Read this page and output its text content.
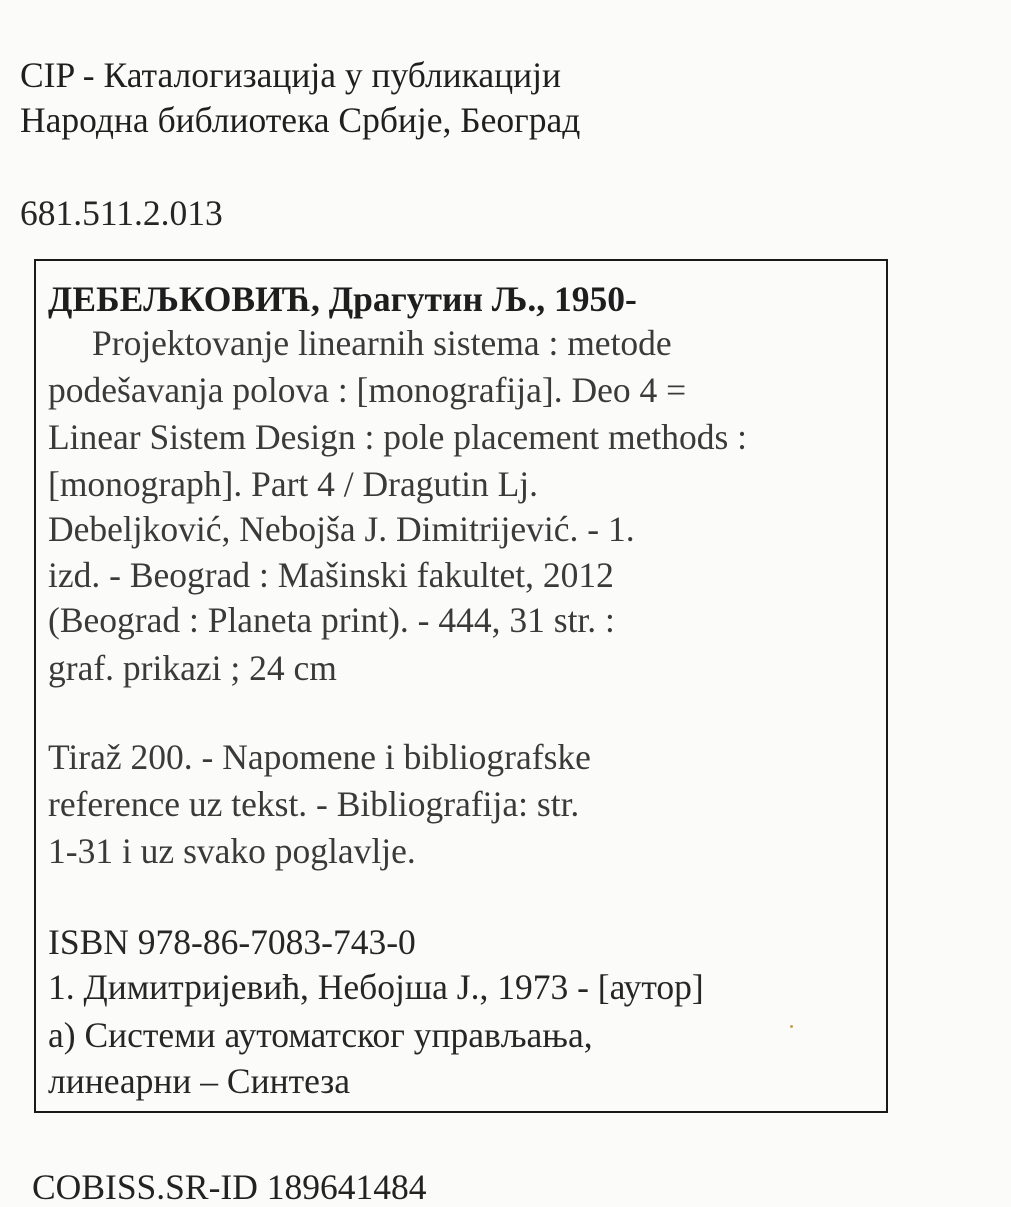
CIP - Каталогизација у публикацији
Народна библиотека Србије, Београд
681.511.2.013
ДЕБЕЉКОВИЋ, Драгутин Љ., 1950-
Projektovanje linearnih sistema : metode
podešavanja polova : [monografija]. Deo 4 =
Linear Sistem Design : pole placement methods :
[monograph]. Part 4 / Dragutin Lj.
Debeljković, Nebojša J. Dimitrijević. - 1.
izd. - Beograd : Mašinski fakultet, 2012
(Beograd : Planeta print). - 444, 31 str. :
graf. prikazi ; 24 cm
Tiraž 200. - Napomene i bibliografske
reference uz tekst. - Bibliografija: str.
1-31 i uz svako poglavlje.
ISBN 978-86-7083-743-0
1. Димитријевић, Небојша Ј., 1973 - [аутор]
а) Системи аутоматског управљања,
линеарни – Синтеза
COBISS.SR-ID 189641484
